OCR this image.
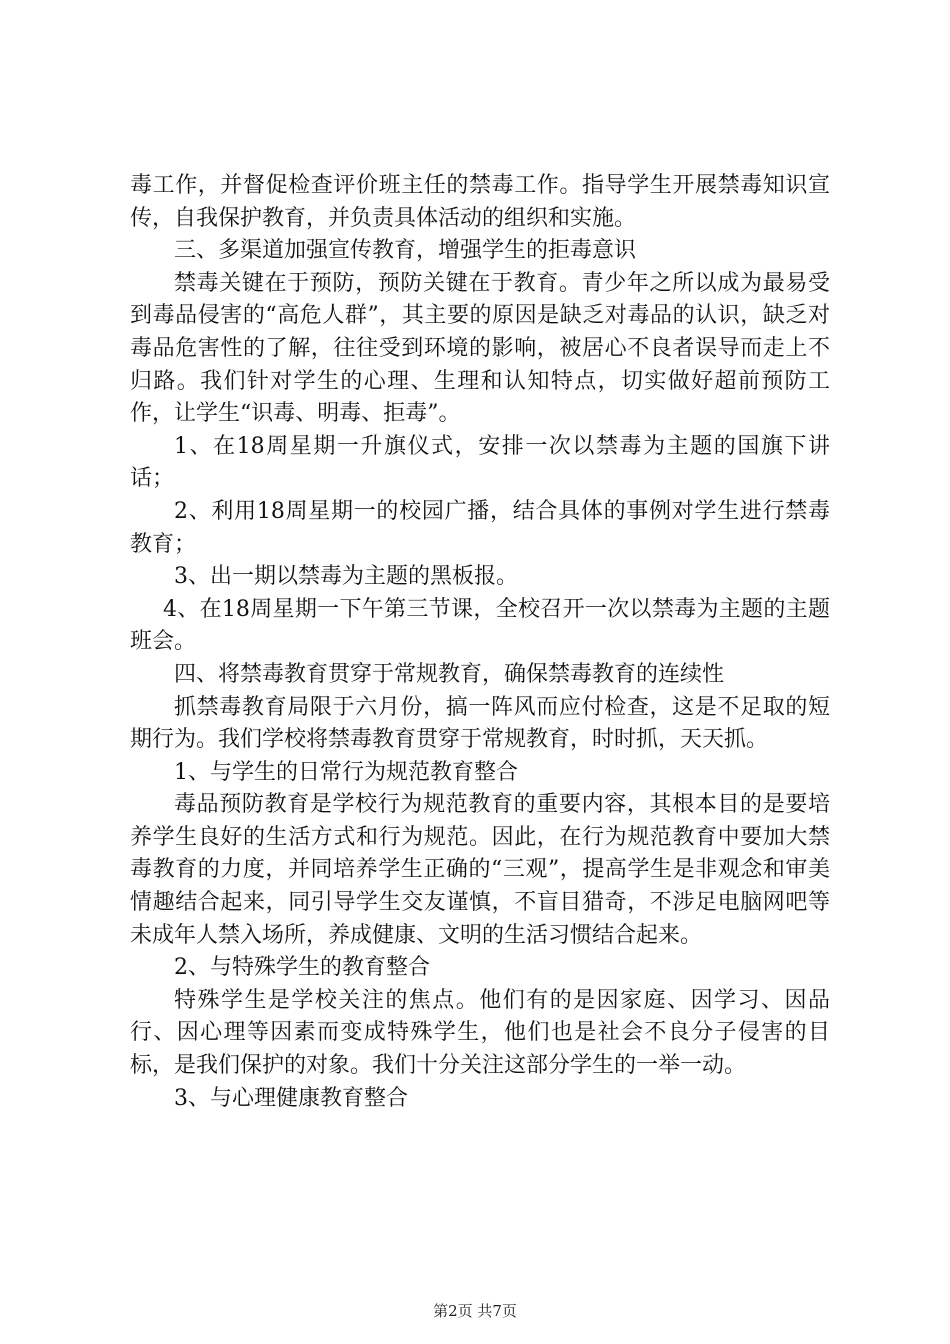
毒工作，并督促检查评价班主任的禁毒工作。指导学生开展禁毒知识宣传，自我保护教育，并负责具体活动的组织和实施。

三、多渠道加强宣传教育，增强学生的拒毒意识

禁毒关键在于预防，预防关键在于教育。青少年之所以成为最易受到毒品侵害的“高危人群”，其主要的原因是缺乏对毒品的认识，缺乏对毒品危害性的了解，往往受到环境的影响，被居心不良者误导而走上不归路。我们针对学生的心理、生理和认知特点，切实做好超前预防工作，让学生“识毒、明毒、拒毒”。

1、在18周星期一升旗仪式，安排一次以禁毒为主题的国旗下讲话；

2、利用18周星期一的校园广播，结合具体的事例对学生进行禁毒教育；

3、出一期以禁毒为主题的黑板报。

4、在18周星期一下午第三节课，全校召开一次以禁毒为主题的主题班会。

四、将禁毒教育贯穿于常规教育，确保禁毒教育的连续性

抓禁毒教育局限于六月份，搞一阵风而应付检查，这是不足取的短期行为。我们学校将禁毒教育贯穿于常规教育，时时抓，天天抓。

1、与学生的日常行为规范教育整合

毒品预防教育是学校行为规范教育的重要内容，其根本目的是要培养学生良好的生活方式和行为规范。因此，在行为规范教育中要加大禁毒教育的力度，并同培养学生正确的“三观”，提高学生是非观念和审美情趣结合起来，同引导学生交友谨慎，不盲目猎奇，不涉足电脑网吧等未成年人禁入场所，养成健康、文明的生活习惯结合起来。

2、与特殊学生的教育整合

特殊学生是学校关注的焦点。他们有的是因家庭、因学习、因品行、因心理等因素而变成特殊学生，他们也是社会不良分子侵害的目标，是我们保护的对象。我们十分关注这部分学生的一举一动。

3、与心理健康教育整合

第2页 共7页
